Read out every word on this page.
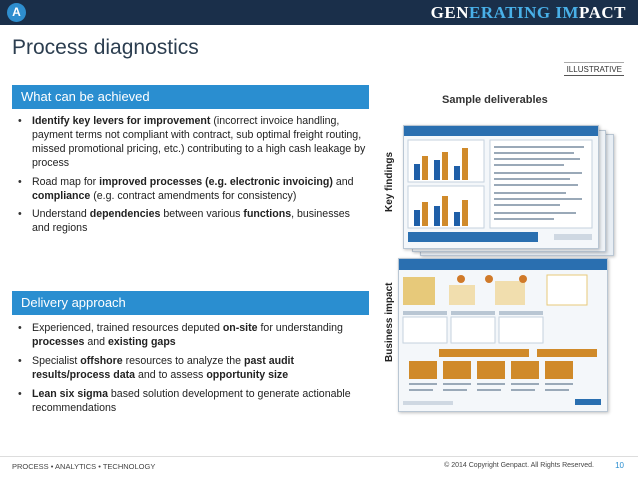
A	GENERATING IMPACT
Process diagnostics
ILLUSTRATIVE
What can be achieved
• Identify key levers for improvement (incorrect invoice handling, payment terms not compliant with contract, sub optimal freight routing, missed promotional pricing, etc.) contributing to a high cash leakage by process
• Road map for improved processes (e.g. electronic invoicing) and compliance (e.g. contract amendments for consistency)
• Understand dependencies between various functions, businesses and regions
Delivery approach
• Experienced, trained resources deputed on-site for understanding processes and existing gaps
• Specialist offshore resources to analyze the past audit results/process data and to assess opportunity size
• Lean six sigma based solution development to generate actionable recommendations
Sample deliverables
Key findings
Business impact
PROCESS • ANALYTICS • TECHNOLOGY	© 2014 Copyright Genpact. All Rights Reserved.	10
